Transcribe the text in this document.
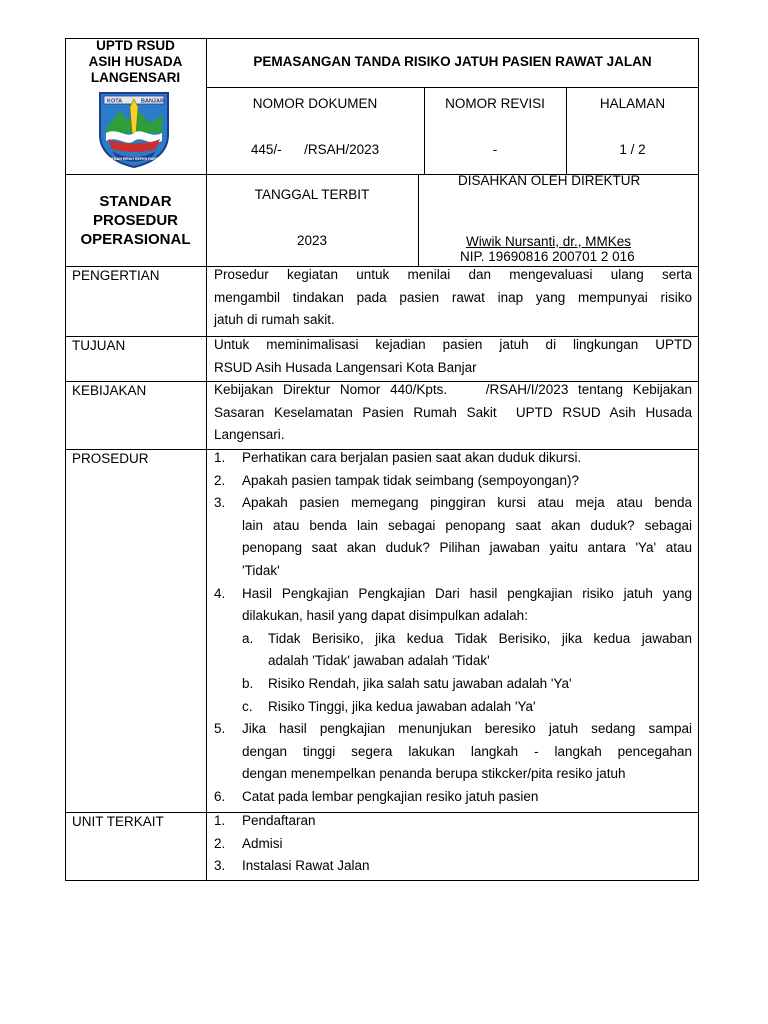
UPTD RSUD
ASIH HUSADA
LANGENSARI
KOTA	BANJAR
GEMAH RIPAH REPEH RAPIH
PEMASANGAN TANDA RISIKO JATUH PASIEN RAWAT JALAN
NOMOR DOKUMEN
445/-      /RSAH/2023
NOMOR REVISI
-
HALAMAN
1 / 2
STANDAR
PROSEDUR
OPERASIONAL
TANGGAL TERBIT
2023
DISAHKAN OLEH DIREKTUR
Wiwik Nursanti, dr., MMKes
NIP. 19690816 200701 2 016
PENGERTIAN	Prosedur kegiatan untuk menilai dan mengevaluasi ulang serta

mengambil tindakan pada pasien rawat inap yang mempunyai risiko

jatuh di rumah sakit.

TUJUAN	Untuk meminimalisasi kejadian pasien jatuh di lingkungan UPTD

RSUD Asih Husada Langensari Kota Banjar

KEBIJAKAN	Kebijakan Direktur Nomor 440/Kpts.    /RSAH/I/2023 tentang Kebijakan

Sasaran Keselamatan Pasien Rumah Sakit  UPTD RSUD Asih Husada

Langensari.

PROSEDUR	1. Perhatikan cara berjalan pasien saat akan duduk dikursi.

2. Apakah pasien tampak tidak seimbang (sempoyongan)?

3. Apakah pasien memegang pinggiran kursi atau meja atau benda

lain atau benda lain sebagai penopang saat akan duduk? sebagai

penopang saat akan duduk? Pilihan jawaban yaitu antara 'Ya' atau

'Tidak'

4. Hasil Pengkajian Pengkajian Dari hasil pengkajian risiko jatuh yang

dilakukan, hasil yang dapat disimpulkan adalah:

a. Tidak Berisiko, jika kedua Tidak Berisiko, jika kedua jawaban

adalah 'Tidak' jawaban adalah 'Tidak'

b. Risiko Rendah, jika salah satu jawaban adalah 'Ya'

c. Risiko Tinggi, jika kedua jawaban adalah 'Ya'

5. Jika hasil pengkajian menunjukan beresiko jatuh sedang sampai

dengan tinggi segera lakukan langkah - langkah pencegahan

dengan menempelkan penanda berupa stikcker/pita resiko jatuh

6. Catat pada lembar pengkajian resiko jatuh pasien

UNIT TERKAIT	1. Pendaftaran

2. Admisi

3. Instalasi Rawat Jalan
